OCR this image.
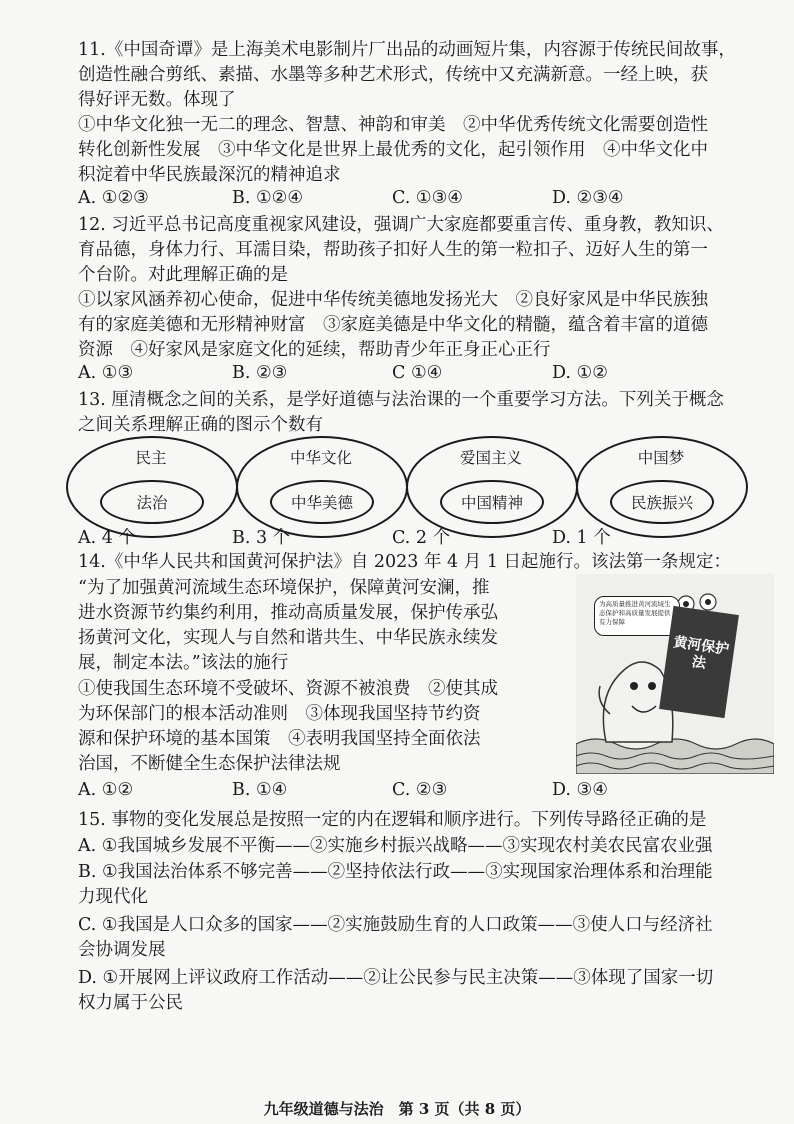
11.《中国奇谭》是上海美术电影制片厂出品的动画短片集，内容源于传统民间故事，
创造性融合剪纸、素描、水墨等多种艺术形式，传统中又充满新意。一经上映，获
得好评无数。体现了
①中华文化独一无二的理念、智慧、神韵和审美　②中华优秀传统文化需要创造性
转化创新性发展　③中华文化是世界上最优秀的文化，起引领作用　④中华文化中
积淀着中华民族最深沉的精神追求
A. ①②③	B. ①②④	C. ①③④	D. ②③④
12. 习近平总书记高度重视家风建设，强调广大家庭都要重言传、重身教，教知识、
育品德，身体力行、耳濡目染，帮助孩子扣好人生的第一粒扣子、迈好人生的第一
个台阶。对此理解正确的是
①以家风涵养初心使命，促进中华传统美德地发扬光大　②良好家风是中华民族独
有的家庭美德和无形精神财富　③家庭美德是中华文化的精髓，蕴含着丰富的道德
资源　④好家风是家庭文化的延续，帮助青少年正身正心正行
A. ①③	B. ②③	C ①④	D. ①②
13. 厘清概念之间的关系，是学好道德与法治课的一个重要学习方法。下列关于概念
之间关系理解正确的图示个数有
民主
法治
中华文化
中华美德
爱国主义
中国精神
中国梦
民族振兴
A. 4 个	B. 3 个	C. 2 个	D. 1 个
14.《中华人民共和国黄河保护法》自 2023 年 4 月 1 日起施行。该法第一条规定：
“为了加强黄河流域生态环境保护，保障黄河安澜，推
进水资源节约集约利用，推动高质量发展，保护传承弘
扬黄河文化，实现人与自然和谐共生、中华民族永续发
展，制定本法。”该法的施行
①使我国生态环境不受破坏、资源不被浪费　②使其成
为环保部门的根本活动准则　③体现我国坚持节约资
源和保护环境的基本国策　④表明我国坚持全面依法
治国，不断健全生态保护法律法规
为高质量推进黄河流域生态保护和高质量发展提供有力保障
黄河保护法
A. ①②	B. ①④	C. ②③	D. ③④
15. 事物的变化发展总是按照一定的内在逻辑和顺序进行。下列传导路径正确的是
A. ①我国城乡发展不平衡——②实施乡村振兴战略——③实现农村美农民富农业强
B. ①我国法治体系不够完善——②坚持依法行政——③实现国家治理体系和治理能
力现代化
C. ①我国是人口众多的国家——②实施鼓励生育的人口政策——③使人口与经济社
会协调发展
D. ①开展网上评议政府工作活动——②让公民参与民主决策——③体现了国家一切
权力属于公民
九年级道德与法治　第 3 页（共 8 页）
